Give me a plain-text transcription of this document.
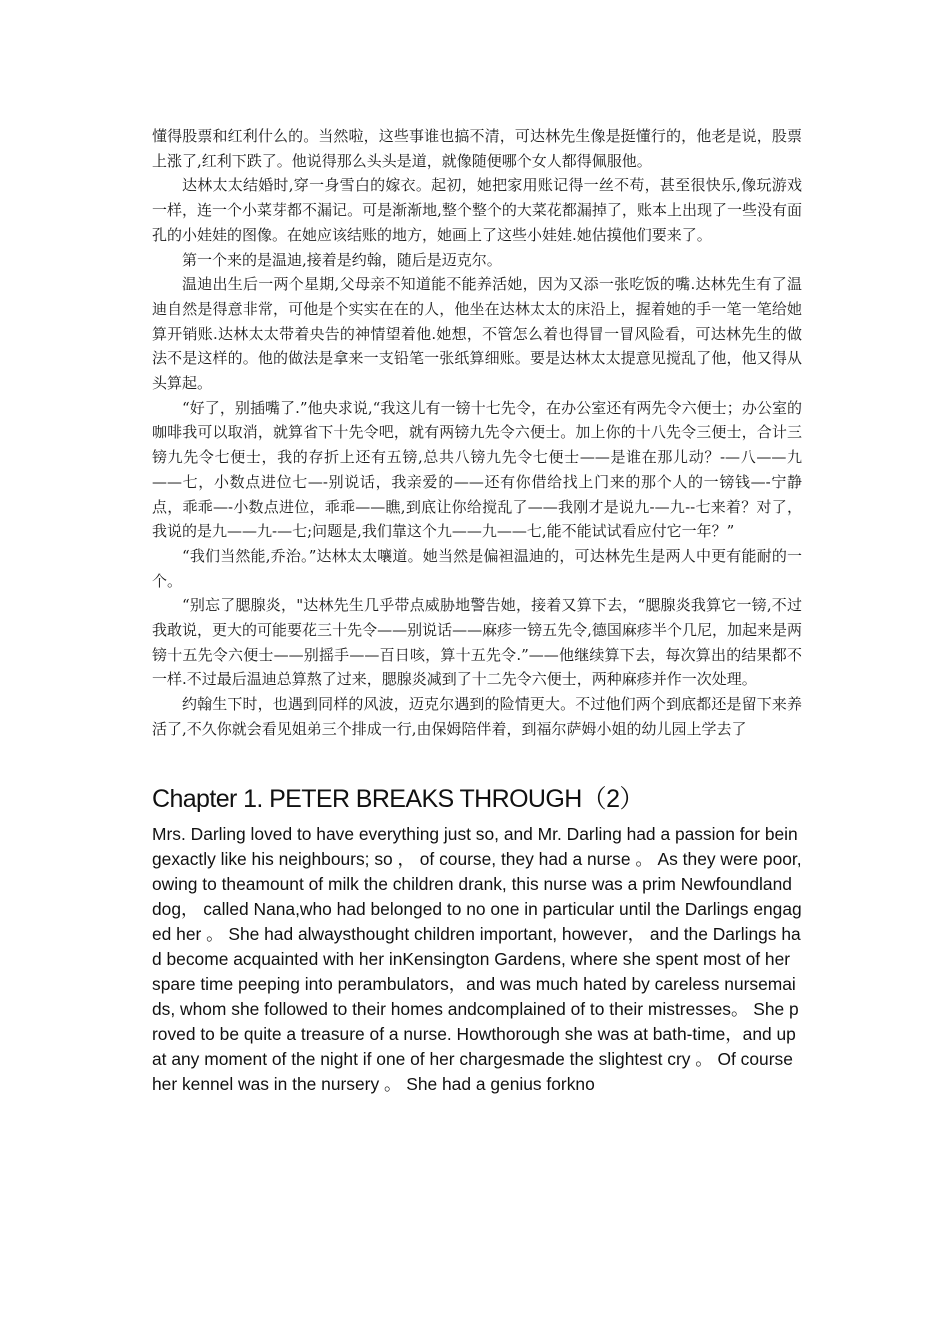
懂得股票和红利什么的。当然啦，这些事谁也搞不清，可达林先生像是挺懂行的，他老是说，股票上涨了,红利下跌了。他说得那么头头是道，就像随便哪个女人都得佩服他。

达林太太结婚时,穿一身雪白的嫁衣。起初，她把家用账记得一丝不苟，甚至很快乐,像玩游戏一样，连一个小菜芽都不漏记。可是渐渐地,整个整个的大菜花都漏掉了，账本上出现了一些没有面孔的小娃娃的图像。在她应该结账的地方，她画上了这些小娃娃.她估摸他们要来了。

第一个来的是温迪,接着是约翰，随后是迈克尔。

温迪出生后一两个星期,父母亲不知道能不能养活她，因为又添一张吃饭的嘴.达林先生有了温迪自然是得意非常，可他是个实实在在的人，他坐在达林太太的床沿上，握着她的手一笔一笔给她算开销账.达林太太带着央告的神情望着他.她想，不管怎么着也得冒一冒风险看，可达林先生的做法不是这样的。他的做法是拿来一支铅笔一张纸算细账。要是达林太太提意见搅乱了他，他又得从头算起。

“好了，别插嘴了.”他央求说,“我这儿有一镑十七先令，在办公室还有两先令六便士；办公室的咖啡我可以取消，就算省下十先令吧，就有两镑九先令六便士。加上你的十八先令三便士，合计三镑九先令七便士，我的存折上还有五镑,总共八镑九先令七便士——是谁在那儿动？-—八——九——七，小数点进位七—-别说话，我亲爱的——还有你借给找上门来的那个人的一镑钱—-宁静点，乖乖—-小数点进位，乖乖——瞧,到底让你给搅乱了——我刚才是说九-—九--七来着？对了，我说的是九——九-—七;问题是,我们靠这个九——九——七,能不能试试看应付它一年？”

“我们当然能,乔治。”达林太太嚷道。她当然是偏袒温迪的，可达林先生是两人中更有能耐的一个。

“别忘了腮腺炎，"达林先生几乎带点威胁地警告她，接着又算下去，“腮腺炎我算它一镑,不过我敢说，更大的可能要花三十先令——别说话——麻疹一镑五先令,德国麻疹半个几尼，加起来是两镑十五先令六便士——别摇手——百日咳，算十五先令.”——他继续算下去，每次算出的结果都不一样.不过最后温迪总算熬了过来，腮腺炎减到了十二先令六便士，两种麻疹并作一次处理。

约翰生下时，也遇到同样的风波，迈克尔遇到的险情更大。不过他们两个到底都还是留下来养活了,不久你就会看见姐弟三个排成一行,由保姆陪伴着，到福尔萨姆小姐的幼儿园上学去了

Chapter 1. PETER BREAKS THROUGH（2）

Mrs. Darling loved to have everything just so, and Mr. Darling had a passion for beingexactly like his neighbours; so ， of course, they had a nurse 。 As they were poor, owing to theamount of milk the children drank, this nurse was a prim Newfoundland dog， called Nana,who had belonged to no one in particular until the Darlings engaged her 。 She had alwaysthought children important, however， and the Darlings had become acquainted with her inKensington Gardens, where she spent most of her spare time peeping into perambulators，and was much hated by careless nursemaids, whom she followed to their homes andcomplained of to their mistresses。 She proved to be quite a treasure of a nurse. Howthorough she was at bath-time，and up at any moment of the night if one of her chargesmade the slightest cry 。 Of course her kennel was in the nursery 。 She had a genius forkno
